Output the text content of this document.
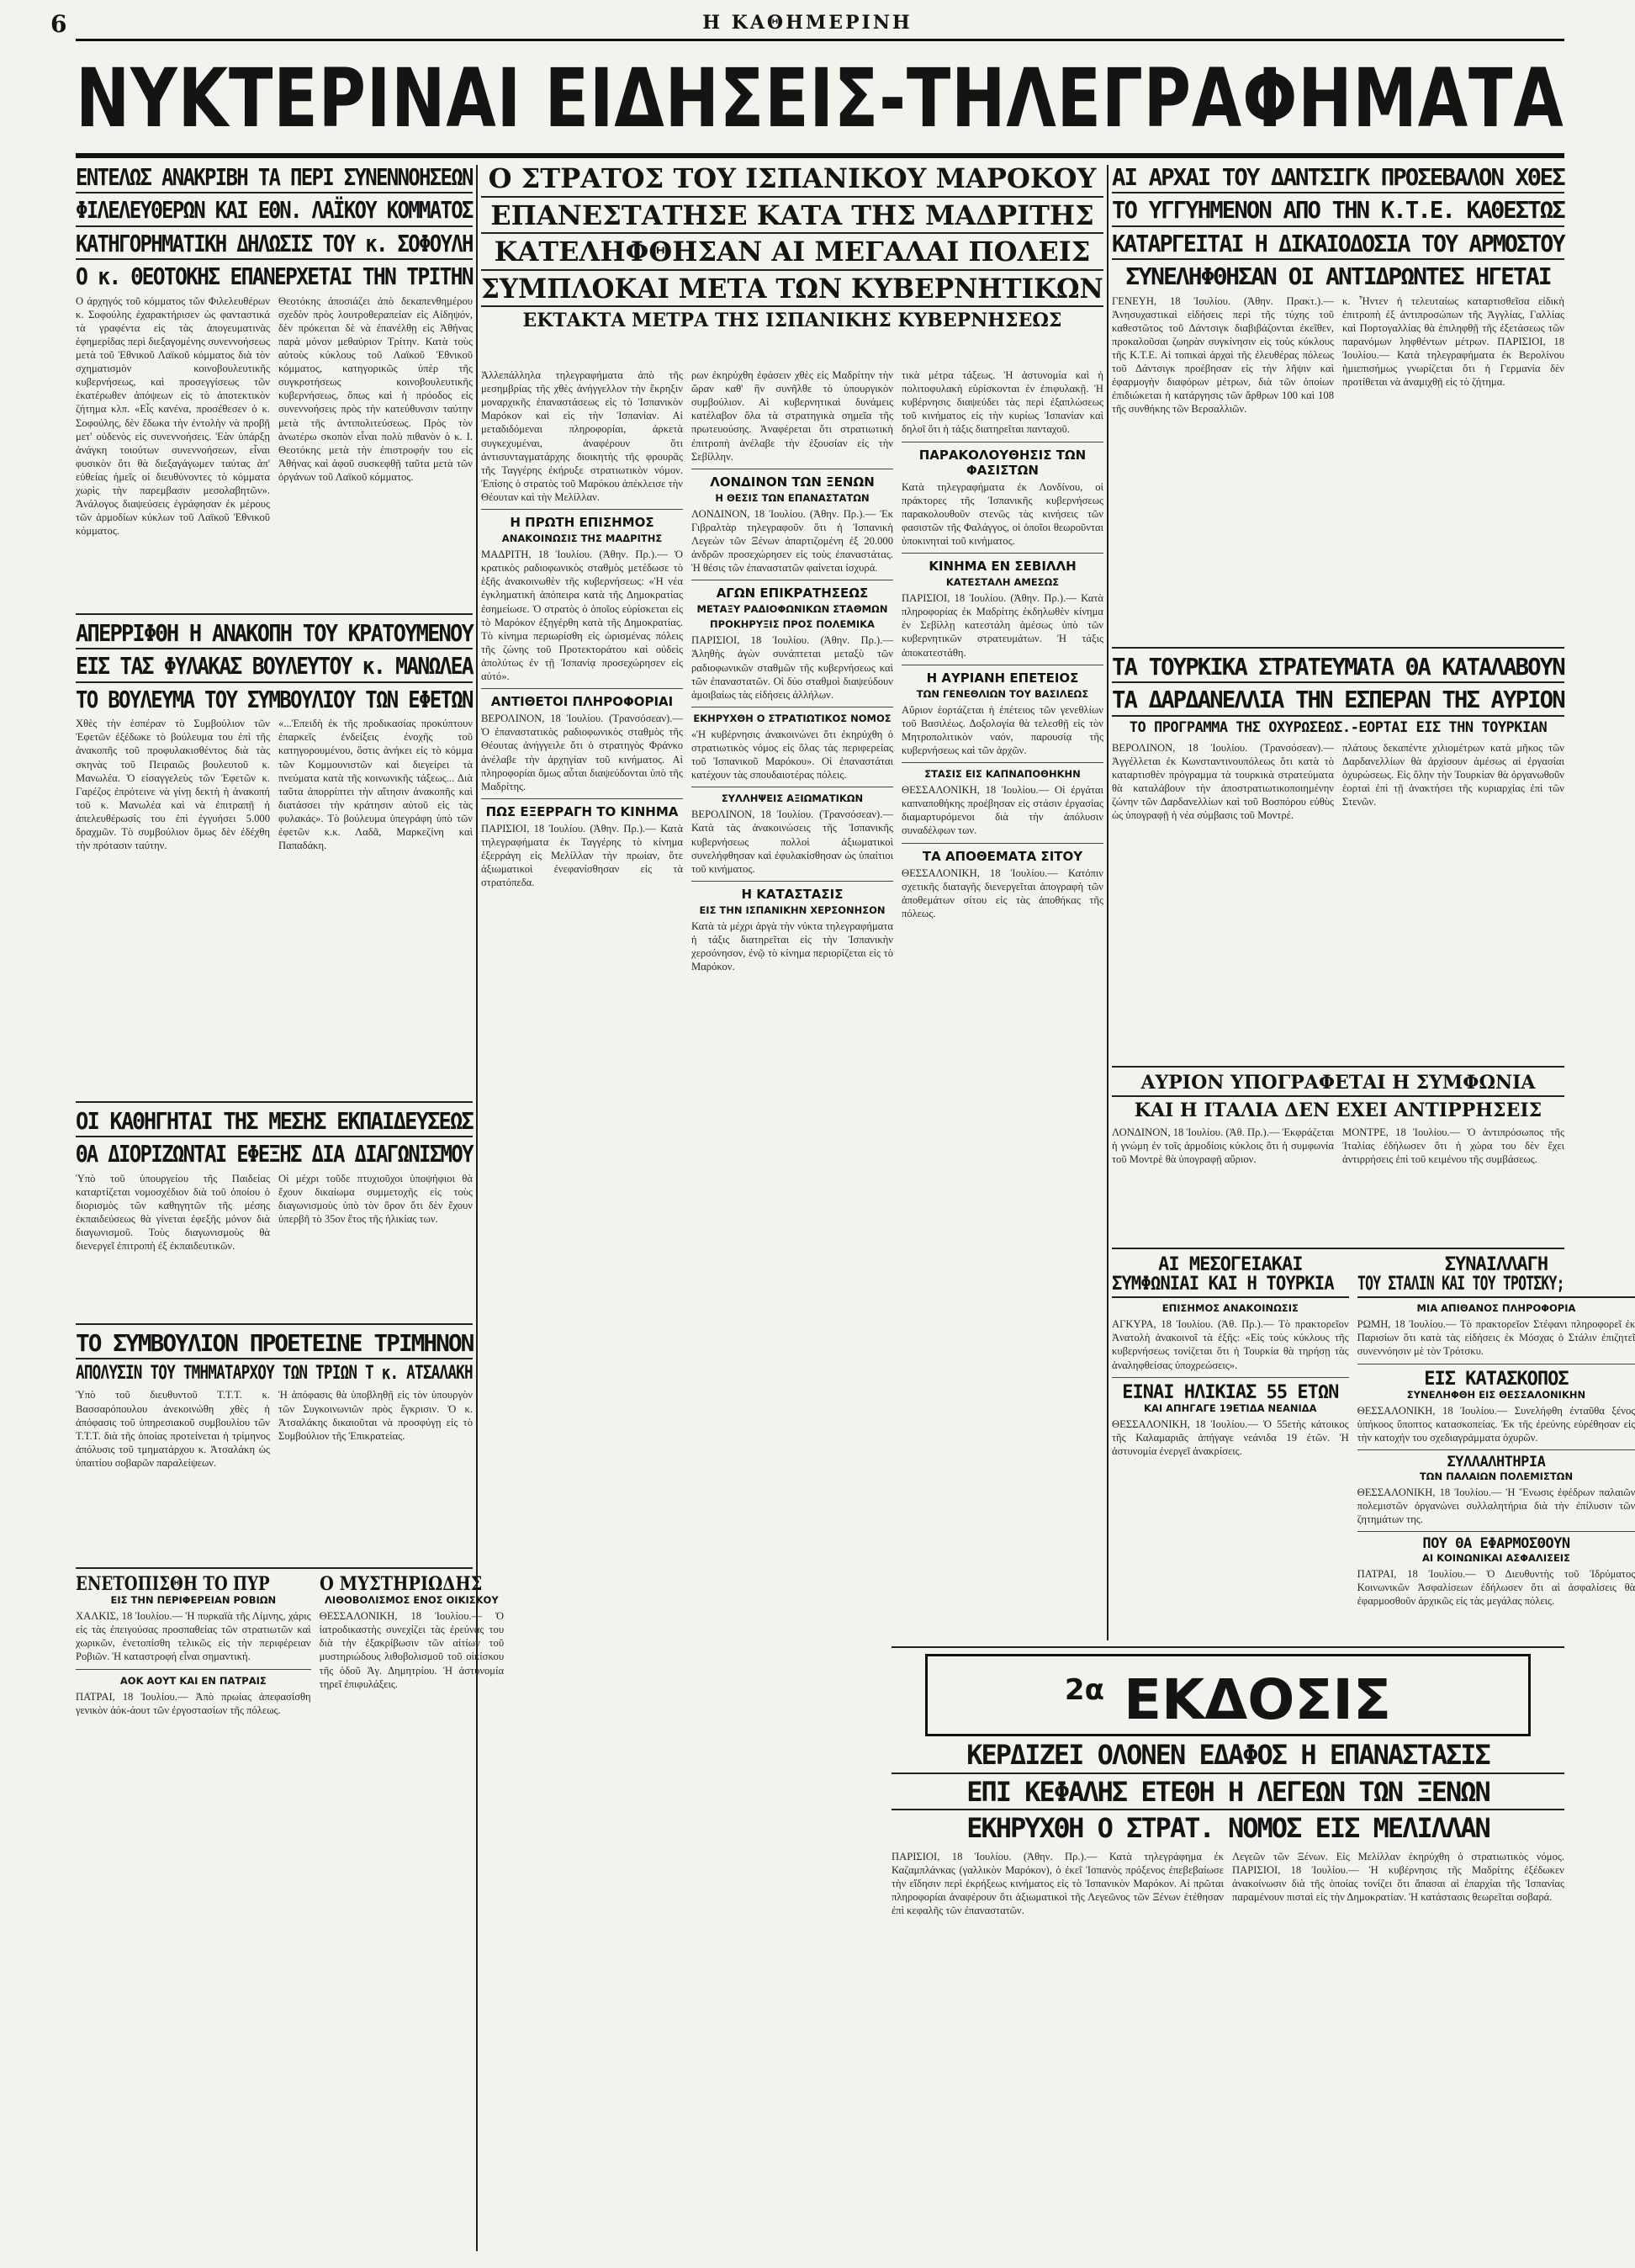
6	Η ΚΑΘΗΜΕΡΙΝΗ
ΝΥΚΤΕΡΙΝΑΙ ΕΙΔΗΣΕΙΣ-ΤΗΛΕΓΡΑΦΗΜΑΤΑ
ΕΝΤΕΛΩΣ ΑΝΑΚΡΙΒΗ ΤΑ ΠΕΡΙ ΣΥΝΕΝΝΟΗΣΕΩΝ
ΦΙΛΕΛΕΥΘΕΡΩΝ ΚΑΙ ΕΘΝ. ΛΑΪΚΟΥ ΚΟΜΜΑΤΟΣ
ΚΑΤΗΓΟΡΗΜΑΤΙΚΗ ΔΗΛΩΣΙΣ ΤΟΥ κ. ΣΟΦΟΥΛΗ
Ο κ. ΘΕΟΤΟΚΗΣ ΕΠΑΝΕΡΧΕΤΑΙ ΤΗΝ ΤΡΙΤΗΝ
Ο άρχηγός τοῦ κόμματος τῶν Φιλελευθέρων κ. Σοφούλης ἐχαρακτήρισεν ὡς φανταστικά τὰ γραφέντα εἰς τὰς ἀπογευματινὰς ἐφημερίδας περὶ διεξαγομένης συνεννοήσεως μετὰ τοῦ Ἐθνικοῦ Λαϊκοῦ κόμματος διὰ τὸν σχηματισμὸν κοινοβουλευτικῆς κυβερνήσεως, καὶ προσεγγίσεως τῶν ἑκατέρωθεν ἀπόψεων εἰς τὸ ἀποτεκτικὸν ζήτημα κλπ. «Εἶς κανένα, προσέθεσεν ὁ κ. Σοφούλης, δὲν ἔδωκα τὴν ἐντολὴν νὰ προβῇ μετ' οὐδενὸς εἰς συνεννοήσεις. Ἐὰν ὑπάρξῃ ἀνάγκη τοιούτων συνεννοήσεων, εἶναι φυσικὸν ὅτι θὰ διεξαγάγωμεν ταύτας ἀπ' εὐθείας ἡμεῖς οἱ διευθύνοντες τὸ κόμματα χωρὶς τὴν παρεμβασιν μεσολαβητῶν». Ἀνάλογος διαψεύσεις ἐγράφησαν ἐκ μέρους τῶν ἁρμοδίων κύκλων τοῦ Λαϊκοῦ Ἐθνικοῦ κόμματος.
Θεοτόκης ἀποσιάζει ἀπὸ δεκαπενθημέρου σχεδὸν πρὸς λουτροθεραπείαν εἰς Αἰδηψόν, δὲν πρόκειται δὲ νὰ ἐπανέλθῃ εἰς Ἀθήνας παρὰ μόνον μεθαύριον Τρίτην. Κατὰ τοὺς αὐτοὺς κύκλους τοῦ Λαϊκοῦ Ἐθνικοῦ κόμματος, κατηγορικῶς ὑπὲρ τῆς συγκροτήσεως κοινοβουλευτικῆς κυβερνήσεως, ὅπως καὶ ἡ πρόοδος εἰς συνεννοήσεις πρὸς τὴν κατεύθυνσιν ταύτην μετὰ τῆς ἀντιπολιτεύσεως. Πρὸς τὸν ἀνωτέρω σκοπὸν εἶναι πολὺ πιθανὸν ὁ κ. Ι. Θεοτόκης μετὰ τὴν ἐπιστροφήν του εἰς Ἀθήνας καὶ ἀφοῦ συσκεφθῇ ταῦτα μετὰ τῶν ὀργάνων τοῦ Λαϊκοῦ κόμματος.
ΑΠΕΡΡΙΦΘΗ Η ΑΝΑΚΟΠΗ ΤΟΥ ΚΡΑΤΟΥΜΕΝΟΥ
ΕΙΣ ΤΑΣ ΦΥΛΑΚΑΣ ΒΟΥΛΕΥΤΟΥ κ. ΜΑΝΩΛΕΑ
ΤΟ ΒΟΥΛΕΥΜΑ ΤΟΥ ΣΥΜΒΟΥΛΙΟΥ ΤΩΝ ΕΦΕΤΩΝ
Χθὲς τὴν ἑσπέραν τὸ Συμβούλιον τῶν Ἐφετῶν ἐξέδωκε τὸ βούλευμα του ἐπὶ τῆς ἀνακοπῆς τοῦ προφυλακισθέντος διὰ τὰς σκηνὰς τοῦ Πειραιῶς βουλευτοῦ κ. Μανωλέα. Ὁ εἰσαγγελεὺς τῶν Ἐφετῶν κ. Γαρέζος ἐπρότεινε νὰ γίνῃ δεκτὴ ἡ ἀνακοπή τοῦ κ. Μανωλέα καὶ νὰ ἐπιτραπῇ ἡ ἀπελευθέρωσίς του ἐπὶ ἐγγυήσει 5.000 δραχμῶν. Τὸ συμβούλιον ὅμως δὲν ἐδέχθη τὴν πρότασιν ταύτην.
«...Ἐπειδὴ ἐκ τῆς προδικασίας προκύπτουν ἐπαρκεῖς ἐνδείξεις ἐνοχῆς τοῦ κατηγορουμένου, ὅστις ἀνήκει εἰς τὸ κόμμα τῶν Κομμουνιστῶν καὶ διεγείρει τὰ πνεύματα κατὰ τῆς κοινωνικῆς τάξεως... Διὰ ταῦτα ἀπορρίπτει τὴν αἴτησιν ἀνακοπῆς καὶ διατάσσει τὴν κράτησιν αὐτοῦ εἰς τὰς φυλακάς». Τὸ βούλευμα ὑπεγράφη ὑπὸ τῶν ἐφετῶν κ.κ. Λαδᾶ, Μαρκεζίνη καὶ Παπαδάκη.
ΟΙ ΚΑΘΗΓΗΤΑΙ ΤΗΣ ΜΕΣΗΣ ΕΚΠΑΙΔΕΥΣΕΩΣ
ΘΑ ΔΙΟΡΙΖΩΝΤΑΙ ΕΦΕΞΗΣ ΔΙΑ ΔΙΑΓΩΝΙΣΜΟΥ
Ὑπὸ τοῦ ὑπουργείου τῆς Παιδείας καταρτίζεται νομοσχέδιον διὰ τοῦ ὁποίου ὁ διορισμὸς τῶν καθηγητῶν τῆς μέσης ἐκπαιδεύσεως θὰ γίνεται ἐφεξῆς μόνον διὰ διαγωνισμοῦ. Τοὺς διαγωνισμοὺς θὰ διενεργεῖ ἐπιτροπὴ ἐξ ἐκπαιδευτικῶν.
Οἱ μέχρι τοῦδε πτυχιοῦχοι ὑποψήφιοι θὰ ἔχουν δικαίωμα συμμετοχῆς εἰς τοὺς διαγωνισμοὺς ὑπὸ τὸν ὅρον ὅτι δὲν ἔχουν ὑπερβῆ τὸ 35ον ἔτος τῆς ἡλικίας των.
ΤΟ ΣΥΜΒΟΥΛΙΟΝ ΠΡΟΕΤΕΙΝΕ ΤΡΙΜΗΝΟΝ
ΑΠΟΛΥΣΙΝ ΤΟΥ ΤΜΗΜΑΤΑΡΧΟΥ ΤΩΝ ΤΡΙΩΝ Τ κ. ΑΤΣΑΛΑΚΗ
Ὑπὸ τοῦ διευθυντοῦ Τ.Τ.Τ. κ. Βασσαρόπουλου ἀνεκοινώθη χθὲς ἡ ἀπόφασις τοῦ ὑπηρεσιακοῦ συμβουλίου τῶν Τ.Τ.Τ. διὰ τῆς ὁποίας προτείνεται ἡ τρίμηνος ἀπόλυσις τοῦ τμηματάρχου κ. Ἀτσαλάκη ὡς ὑπαιτίου σοβαρῶν παραλείψεων.
Ἡ ἀπόφασις θὰ ὑποβληθῇ εἰς τὸν ὑπουργὸν τῶν Συγκοινωνιῶν πρὸς ἔγκρισιν. Ὁ κ. Ἀτσαλάκης δικαιοῦται νὰ προσφύγῃ εἰς τὸ Συμβούλιον τῆς Ἐπικρατείας.
ΕΝΕΤΟΠΙΣΘΗ ΤΟ ΠΥΡ
ΕΙΣ ΤΗΝ ΠΕΡΙΦΕΡΕΙΑΝ ΡΟΒΙΩΝ
ΧΑΛΚΙΣ, 18 Ἰουλίου.— Ἡ πυρκαϊὰ τῆς Λίμνης, χάρις εἰς τὰς ἐπειγούσας προσπαθείας τῶν στρατιωτῶν καὶ χωρικῶν, ἐνετοπίσθη τελικῶς εἰς τὴν περιφέρειαν Ροβιῶν. Ἡ καταστροφή εἶναι σημαντική.
ΑΟΚ ΑΟΥΤ ΚΑΙ ΕΝ ΠΑΤΡΑΙΣ
ΠΑΤΡΑΙ, 18 Ἰουλίου.— Ἀπὸ πρωίας ἀπεφασίσθη γενικὸν ἀόκ-άουτ τῶν ἐργοστασίων τῆς πόλεως.
Ο ΜΥΣΤΗΡΙΩΔΗΣ
ΛΙΘΟΒΟΛΙΣΜΟΣ ΕΝΟΣ ΟΙΚΙΣΚΟΥ
ΘΕΣΣΑΛΟΝΙΚΗ, 18 Ἰουλίου.— Ὁ ἰατροδικαστὴς συνεχίζει τὰς ἐρεύνας του διὰ τὴν ἐξακρίβωσιν τῶν αἰτίων τοῦ μυστηριώδους λιθοβολισμοῦ τοῦ οἰκίσκου τῆς ὁδοῦ Ἀγ. Δημητρίου. Ἡ ἀστυνομία τηρεῖ ἐπιφυλάξεις.
Ο ΣΤΡΑΤΟΣ ΤΟΥ ΙΣΠΑΝΙΚΟΥ ΜΑΡΟΚΟΥ
ΕΠΑΝΕΣΤΑΤΗΣΕ ΚΑΤΑ ΤΗΣ ΜΑΔΡΙΤΗΣ
ΚΑΤΕΛΗΦΘΗΣΑΝ ΑΙ ΜΕΓΑΛΑΙ ΠΟΛΕΙΣ
ΣΥΜΠΛΟΚΑΙ ΜΕΤΑ ΤΩΝ ΚΥΒΕΡΝΗΤΙΚΩΝ
ΕΚΤΑΚΤΑ ΜΕΤΡΑ ΤΗΣ ΙΣΠΑΝΙΚΗΣ ΚΥΒΕΡΝΗΣΕΩΣ
Ἀλλεπάλληλα τηλεγραφήματα ἀπὸ τῆς μεσημβρίας τῆς χθὲς ἀνήγγελλον τὴν ἔκρηξιν μοναρχικῆς ἐπαναστάσεως εἰς τὸ Ἰσπανικὸν Μαρόκον καὶ εἰς τὴν Ἰσπανίαν. Αἱ μεταδιδόμεναι πληροφορίαι, ἀρκετὰ συγκεχυμέναι, ἀναφέρουν ὅτι ἀντισυνταγματάρχης διοικητὴς τῆς φρουρᾶς τῆς Ταγγέρης ἐκήρυξε στρατιωτικὸν νόμον. Ἐπίσης ὁ στρατὸς τοῦ Μαρόκου ἀπέκλεισε τὴν Θέουταν καὶ τὴν Μελίλλαν.
Η ΠΡΩΤΗ ΕΠΙΣΗΜΟΣ
ΑΝΑΚΟΙΝΩΣΙΣ ΤΗΣ ΜΑΔΡΙΤΗΣ
ΜΑΔΡΙΤΗ, 18 Ἰουλίου. (Ἀθην. Πρ.).— Ὁ κρατικὸς ραδιοφωνικὸς σταθμὸς μετέδωσε τὸ ἑξῆς ἀνακοινωθὲν τῆς κυβερνήσεως: «Ἡ νέα ἐγκληματικὴ ἀπόπειρα κατὰ τῆς Δημοκρατίας ἐσημείωσε. Ὁ στρατὸς ὁ ὁποῖος εὑρίσκεται εἰς τὸ Μαρόκον ἐξηγέρθη κατὰ τῆς Δημοκρατίας. Τὸ κίνημα περιωρίσθη εἰς ὡρισμένας πόλεις τῆς ζώνης τοῦ Προτεκτοράτου καὶ οὐδεὶς ἀπολύτως ἐν τῇ Ἰσπανίᾳ προσεχώρησεν εἰς αὐτό».
ΑΝΤΙΘΕΤΟΙ ΠΛΗΡΟΦΟΡΙΑΙ
ΒΕΡΟΛΙΝΟΝ, 18 Ἰουλίου. (Τρανσόσεαν).— Ὁ ἐπαναστατικὸς ραδιοφωνικὸς σταθμὸς τῆς Θέουτας ἀνήγγειλε ὅτι ὁ στρατηγὸς Φράνκο ἀνέλαβε τὴν ἀρχηγίαν τοῦ κινήματος. Αἱ πληροφορίαι ὅμως αὗται διαψεύδονται ὑπὸ τῆς Μαδρίτης.
ΠΩΣ ΕΞΕΡΡΑΓΗ ΤΟ ΚΙΝΗΜΑ
ΠΑΡΙΣΙΟΙ, 18 Ἰουλίου. (Ἀθην. Πρ.).— Κατὰ τηλεγραφήματα ἐκ Ταγγέρης τὸ κίνημα ἐξερράγη εἰς Μελίλλαν τὴν πρωίαν, ὅτε ἀξιωματικοὶ ἐνεφανίσθησαν εἰς τὰ στρατόπεδα.
ρων ἐκηρύχθη ἐφάσειν χθὲς εἰς Μαδρίτην τὴν ὥραν καθ' ἣν συνῆλθε τὸ ὑπουργικὸν συμβούλιον. Αἱ κυβερνητικαὶ δυνάμεις κατέλαβον ὅλα τὰ στρατηγικὰ σημεῖα τῆς πρωτευούσης. Ἀναφέρεται ὅτι στρατιωτικὴ ἐπιτροπὴ ἀνέλαβε τὴν ἐξουσίαν εἰς τὴν Σεβίλλην.
ΛΟΝΔΙΝΟΝ ΤΩΝ ΞΕΝΩΝ
Η ΘΕΣΙΣ ΤΩΝ ΕΠΑΝΑΣΤΑΤΩΝ
ΛΟΝΔΙΝΟΝ, 18 Ἰουλίου. (Ἀθην. Πρ.).— Ἐκ Γιβραλτὰρ τηλεγραφοῦν ὅτι ἡ Ἰσπανικὴ Λεγεὼν τῶν Ξένων ἀπαρτιζομένη ἐξ 20.000 ἀνδρῶν προσεχώρησεν εἰς τοὺς ἐπαναστάτας. Ἡ θέσις τῶν ἐπαναστατῶν φαίνεται ἰσχυρά.
ΑΓΩΝ ΕΠΙΚΡΑΤΗΣΕΩΣ
ΜΕΤΑΞΥ ΡΑΔΙΟΦΩΝΙΚΩΝ ΣΤΑΘΜΩΝ
ΠΡΟΚΗΡΥΞΙΣ ΠΡΟΣ ΠΟΛΕΜΙΚΑ
ΠΑΡΙΣΙΟΙ, 18 Ἰουλίου. (Ἀθην. Πρ.).— Ἀληθὴς ἀγὼν συνάπτεται μεταξὺ τῶν ραδιοφωνικῶν σταθμῶν τῆς κυβερνήσεως καὶ τῶν ἐπαναστατῶν. Οἱ δύο σταθμοὶ διαψεύδουν ἀμοιβαίως τὰς εἰδήσεις ἀλλήλων.
ΕΚΗΡΥΧΘΗ Ο ΣΤΡΑΤΙΩΤΙΚΟΣ ΝΟΜΟΣ
«Ἡ κυβέρνησις ἀνακοινώνει ὅτι ἐκηρύχθη ὁ στρατιωτικὸς νόμος εἰς ὅλας τὰς περιφερείας τοῦ Ἰσπανικοῦ Μαρόκου». Οἱ ἐπαναστάται κατέχουν τὰς σπουδαιοτέρας πόλεις.
ΣΥΛΛΗΨΕΙΣ ΑΞΙΩΜΑΤΙΚΩΝ
ΒΕΡΟΛΙΝΟΝ, 18 Ἰουλίου. (Τρανσόσεαν).— Κατὰ τὰς ἀνακοινώσεις τῆς Ἰσπανικῆς κυβερνήσεως πολλοὶ ἀξιωματικοὶ συνελήφθησαν καὶ ἐφυλακίσθησαν ὡς ὑπαίτιοι τοῦ κινήματος.
Η ΚΑΤΑΣΤΑΣΙΣ
ΕΙΣ ΤΗΝ ΙΣΠΑΝΙΚΗΝ ΧΕΡΣΟΝΗΣΟΝ
Κατὰ τὰ μέχρι ἀργὰ τὴν νύκτα τηλεγραφήματα ἡ τάξις διατηρεῖται εἰς τὴν Ἰσπανικὴν χερσόνησον, ἐνῷ τὸ κίνημα περιορίζεται εἰς τὸ Μαρόκον.
τικὰ μέτρα τάξεως. Ἡ ἀστυνομία καὶ ἡ πολιτοφυλακὴ εὑρίσκονται ἐν ἐπιφυλακῇ. Ἡ κυβέρνησις διαψεύδει τὰς περὶ ἐξαπλώσεως τοῦ κινήματος εἰς τὴν κυρίως Ἰσπανίαν καὶ δηλοῖ ὅτι ἡ τάξις διατηρεῖται πανταχοῦ.
ΠΑΡΑΚΟΛΟΥΘΗΣΙΣ ΤΩΝ ΦΑΣΙΣΤΩΝ
Κατὰ τηλεγραφήματα ἐκ Λονδίνου, οἱ πράκτορες τῆς Ἰσπανικῆς κυβερνήσεως παρακολουθοῦν στενῶς τὰς κινήσεις τῶν φασιστῶν τῆς Φαλάγγος, οἱ ὁποῖοι θεωροῦνται ὑποκινηταὶ τοῦ κινήματος.
ΚΙΝΗΜΑ ΕΝ ΣΕΒΙΛΛΗ
ΚΑΤΕΣΤΑΛΗ ΑΜΕΣΩΣ
ΠΑΡΙΣΙΟΙ, 18 Ἰουλίου. (Ἀθην. Πρ.).— Κατὰ πληροφορίας ἐκ Μαδρίτης ἐκδηλωθὲν κίνημα ἐν Σεβίλλῃ κατεστάλη ἀμέσως ὑπὸ τῶν κυβερνητικῶν στρατευμάτων. Ἡ τάξις ἀποκατεστάθη.
Η ΑΥΡΙΑΝΗ ΕΠΕΤΕΙΟΣ
ΤΩΝ ΓΕΝΕΘΛΙΩΝ ΤΟΥ ΒΑΣΙΛΕΩΣ
Αὔριον ἑορτάζεται ἡ ἐπέτειος τῶν γενεθλίων τοῦ Βασιλέως. Δοξολογία θὰ τελεσθῇ εἰς τὸν Μητροπολιτικὸν ναόν, παρουσίᾳ τῆς κυβερνήσεως καὶ τῶν ἀρχῶν.
ΣΤΑΣΙΣ ΕΙΣ ΚΑΠΝΑΠΟΘΗΚΗΝ
ΘΕΣΣΑΛΟΝΙΚΗ, 18 Ἰουλίου.— Οἱ ἐργάται καπναποθήκης προέβησαν εἰς στάσιν ἐργασίας διαμαρτυρόμενοι διὰ τὴν ἀπόλυσιν συναδέλφων των.
ΤΑ ΑΠΟΘΕΜΑΤΑ ΣΙΤΟΥ
ΘΕΣΣΑΛΟΝΙΚΗ, 18 Ἰουλίου.— Κατόπιν σχετικῆς διαταγῆς διενεργεῖται ἀπογραφὴ τῶν ἀποθεμάτων σίτου εἰς τὰς ἀποθήκας τῆς πόλεως.
ΑΙ ΑΡΧΑΙ ΤΟΥ ΔΑΝΤΣΙΓΚ ΠΡΟΣΕΒΑΛΟΝ ΧΘΕΣ
ΤΟ ΥΓΓΥΗΜΕΝΟΝ ΑΠΟ ΤΗΝ Κ.Τ.Ε. ΚΑΘΕΣΤΩΣ
ΚΑΤΑΡΓΕΙΤΑΙ Η ΔΙΚΑΙΟΔΟΣΙΑ ΤΟΥ ΑΡΜΟΣΤΟΥ
ΣΥΝΕΛΗΦΘΗΣΑΝ ΟΙ ΑΝΤΙΔΡΩΝΤΕΣ ΗΓΕΤΑΙ
ΓΕΝΕΥΗ, 18 Ἰουλίου. (Ἀθην. Πρακτ.).— Ἀνησυχαστικαὶ εἰδήσεις περὶ τῆς τύχης τοῦ καθεστῶτος τοῦ Δάντσιγκ διαβιβάζονται ἐκεῖθεν, προκαλοῦσαι ζωηρὰν συγκίνησιν εἰς τοὺς κύκλους τῆς Κ.Τ.Ε. Αἱ τοπικαὶ ἀρχαὶ τῆς ἐλευθέρας πόλεως τοῦ Δάντσιγκ προέβησαν εἰς τὴν λῆψιν καὶ ἐφαρμογὴν διαφόρων μέτρων, διὰ τῶν ὁποίων ἐπιδιώκεται ἡ κατάργησις τῶν ἄρθρων 100 καὶ 108 τῆς συνθήκης τῶν Βερσαλλιῶν.
κ. Ἦντεν ἡ τελευταίως καταρτισθεῖσα εἰδικὴ ἐπιτροπὴ ἐξ ἀντιπροσώπων τῆς Ἀγγλίας, Γαλλίας καὶ Πορτογαλλίας θὰ ἐπιληφθῇ τῆς ἐξετάσεως τῶν παρανόμων ληφθέντων μέτρων. ΠΑΡΙΣΙΟΙ, 18 Ἰουλίου.— Κατὰ τηλεγραφήματα ἐκ Βερολίνου ἡμιεπισήμως γνωρίζεται ὅτι ἡ Γερμανία δὲν προτίθεται νὰ ἀναμιχθῇ εἰς τὸ ζήτημα.
ΤΑ ΤΟΥΡΚΙΚΑ ΣΤΡΑΤΕΥΜΑΤΑ ΘΑ ΚΑΤΑΛΑΒΟΥΝ
ΤΑ ΔΑΡΔΑΝΕΛΛΙΑ ΤΗΝ ΕΣΠΕΡΑΝ ΤΗΣ ΑΥΡΙΟΝ
ΤΟ ΠΡΟΓΡΑΜΜΑ ΤΗΣ ΟΧΥΡΩΣΕΩΣ.-ΕΟΡΤΑΙ ΕΙΣ ΤΗΝ ΤΟΥΡΚΙΑΝ
ΒΕΡΟΛΙΝΟΝ, 18 Ἰουλίου. (Τρανσόσεαν).— Ἀγγέλλεται ἐκ Κωνσταντινουπόλεως ὅτι κατὰ τὸ καταρτισθὲν πρόγραμμα τὰ τουρκικὰ στρατεύματα θὰ καταλάβουν τὴν ἀποστρατιωτικοποιημένην ζώνην τῶν Δαρδανελλίων καὶ τοῦ Βοσπόρου εὐθὺς ὡς ὑπογραφῇ ἡ νέα σύμβασις τοῦ Μοντρέ.
πλάτους δεκαπέντε χιλιομέτρων κατὰ μῆκος τῶν Δαρδανελλίων θὰ ἀρχίσουν ἀμέσως αἱ ἐργασίαι ὀχυρώσεως. Εἰς ὅλην τὴν Τουρκίαν θὰ ὀργανωθοῦν ἑορταὶ ἐπὶ τῇ ἀνακτήσει τῆς κυριαρχίας ἐπὶ τῶν Στενῶν.
ΑΥΡΙΟΝ ΥΠΟΓΡΑΦΕΤΑΙ Η ΣΥΜΦΩΝΙΑ
ΚΑΙ Η ΙΤΑΛΙΑ ΔΕΝ ΕΧΕΙ ΑΝΤΙΡΡΗΣΕΙΣ
ΛΟΝΔΙΝΟΝ, 18 Ἰουλίου. (Ἀθ. Πρ.).— Ἐκφράζεται ἡ γνώμη ἐν τοῖς ἁρμοδίοις κύκλοις ὅτι ἡ συμφωνία τοῦ Μοντρὲ θὰ ὑπογραφῇ αὔριον.
ΜΟΝΤΡΕ, 18 Ἰουλίου.— Ὁ ἀντιπρόσωπος τῆς Ἰταλίας ἐδήλωσεν ὅτι ἡ χώρα του δὲν ἔχει ἀντιρρήσεις ἐπὶ τοῦ κειμένου τῆς συμβάσεως.
ΑΙ ΜΕΣΟΓΕΙΑΚΑΙ
ΣΥΜΦΩΝΙΑΙ ΚΑΙ Η ΤΟΥΡΚΙΑ
ΕΠΙΣΗΜΟΣ ΑΝΑΚΟΙΝΩΣΙΣ
ΑΓΚΥΡΑ, 18 Ἰουλίου. (Ἀθ. Πρ.).— Τὸ πρακτορεῖον Ἀνατολὴ ἀνακοινοῖ τὰ ἑξῆς: «Εἰς τοὺς κύκλους τῆς κυβερνήσεως τονίζεται ὅτι ἡ Τουρκία θὰ τηρήσῃ τὰς ἀναληφθείσας ὑποχρεώσεις».
ΕΙΝΑΙ ΗΛΙΚΙΑΣ 55 ΕΤΩΝ
ΚΑΙ ΑΠΗΓΑΓΕ 19ΕΤΙΔΑ ΝΕΑΝΙΔΑ
ΘΕΣΣΑΛΟΝΙΚΗ, 18 Ἰουλίου.— Ὁ 55ετὴς κάτοικος τῆς Καλαμαριᾶς ἀπήγαγε νεάνιδα 19 ἐτῶν. Ἡ ἀστυνομία ἐνεργεῖ ἀνακρίσεις.
ΣΥΝΑΙΛΛΑΓΗ
ΤΟΥ ΣΤΑΛΙΝ ΚΑΙ ΤΟΥ ΤΡΟΤΣΚΥ;
ΜΙΑ ΑΠΙΘΑΝΟΣ ΠΛΗΡΟΦΟΡΙΑ
ΡΩΜΗ, 18 Ἰουλίου.— Τὸ πρακτορεῖον Στέφανι πληροφορεῖ ἐκ Παρισίων ὅτι κατὰ τὰς εἰδήσεις ἐκ Μόσχας ὁ Στάλιν ἐπιζητεῖ συνεννόησιν μὲ τὸν Τρότσκυ.
ΕΙΣ ΚΑΤΑΣΚΟΠΟΣ
ΣΥΝΕΛΗΦΘΗ ΕΙΣ ΘΕΣΣΑΛΟΝΙΚΗΝ
ΘΕΣΣΑΛΟΝΙΚΗ, 18 Ἰουλίου.— Συνελήφθη ἐνταῦθα ξένος ὑπήκοος ὕποπτος κατασκοπείας. Ἐκ τῆς ἐρεύνης εὑρέθησαν εἰς τὴν κατοχήν του σχεδιαγράμματα ὀχυρῶν.
ΣΥΛΛΑΛΗΤΗΡΙΑ
ΤΩΝ ΠΑΛΑΙΩΝ ΠΟΛΕΜΙΣΤΩΝ
ΘΕΣΣΑΛΟΝΙΚΗ, 18 Ἰουλίου.— Ἡ Ἕνωσις ἐφέδρων παλαιῶν πολεμιστῶν ὀργανώνει συλλαλητήρια διὰ τὴν ἐπίλυσιν τῶν ζητημάτων της.
ΠΟΥ ΘΑ ΕΦΑΡΜΟΣΘΟΥΝ
ΑΙ ΚΟΙΝΩΝΙΚΑΙ ΑΣΦΑΛΙΣΕΙΣ
ΠΑΤΡΑΙ, 18 Ἰουλίου.— Ὁ Διευθυντὴς τοῦ Ἱδρύματος Κοινωνικῶν Ἀσφαλίσεων ἐδήλωσεν ὅτι αἱ ἀσφαλίσεις θὰ ἐφαρμοσθοῦν ἀρχικῶς εἰς τὰς μεγάλας πόλεις.
$^{2\alpha}$ ΕΚΔΟΣΙΣ
ΚΕΡΔΙΖΕΙ ΟΛΟΝΕΝ ΕΔΑΦΟΣ Η ΕΠΑΝΑΣΤΑΣΙΣ
ΕΠΙ ΚΕΦΑΛΗΣ ΕΤΕΘΗ Η ΛΕΓΕΩΝ ΤΩΝ ΞΕΝΩΝ
ΕΚΗΡΥΧΘΗ Ο ΣΤΡΑΤ. ΝΟΜΟΣ ΕΙΣ ΜΕΛΙΛΛΑΝ
ΠΑΡΙΣΙΟΙ, 18 Ἰουλίου. (Ἀθην. Πρ.).— Κατὰ τηλεγράφημα ἐκ Καζαμπλάνκας (γαλλικὸν Μαρόκον), ὁ ἐκεῖ Ἰσπανὸς πρόξενος ἐπεβεβαίωσε τὴν εἴδησιν περὶ ἐκρήξεως κινήματος εἰς τὸ Ἰσπανικὸν Μαρόκον. Αἱ πρῶται πληροφορίαι ἀναφέρουν ὅτι ἀξιωματικοὶ τῆς Λεγεῶνος τῶν Ξένων ἐτέθησαν ἐπὶ κεφαλῆς τῶν ἐπαναστατῶν.
Λεγεῶν τῶν Ξένων. Εἰς Μελίλλαν ἐκηρύχθη ὁ στρατιωτικὸς νόμος. ΠΑΡΙΣΙΟΙ, 18 Ἰουλίου.— Ἡ κυβέρνησις τῆς Μαδρίτης ἐξέδωκεν ἀνακοίνωσιν διὰ τῆς ὁποίας τονίζει ὅτι ἅπασαι αἱ ἐπαρχίαι τῆς Ἰσπανίας παραμένουν πισταὶ εἰς τὴν Δημοκρατίαν. Ἡ κατάστασις θεωρεῖται σοβαρά.
